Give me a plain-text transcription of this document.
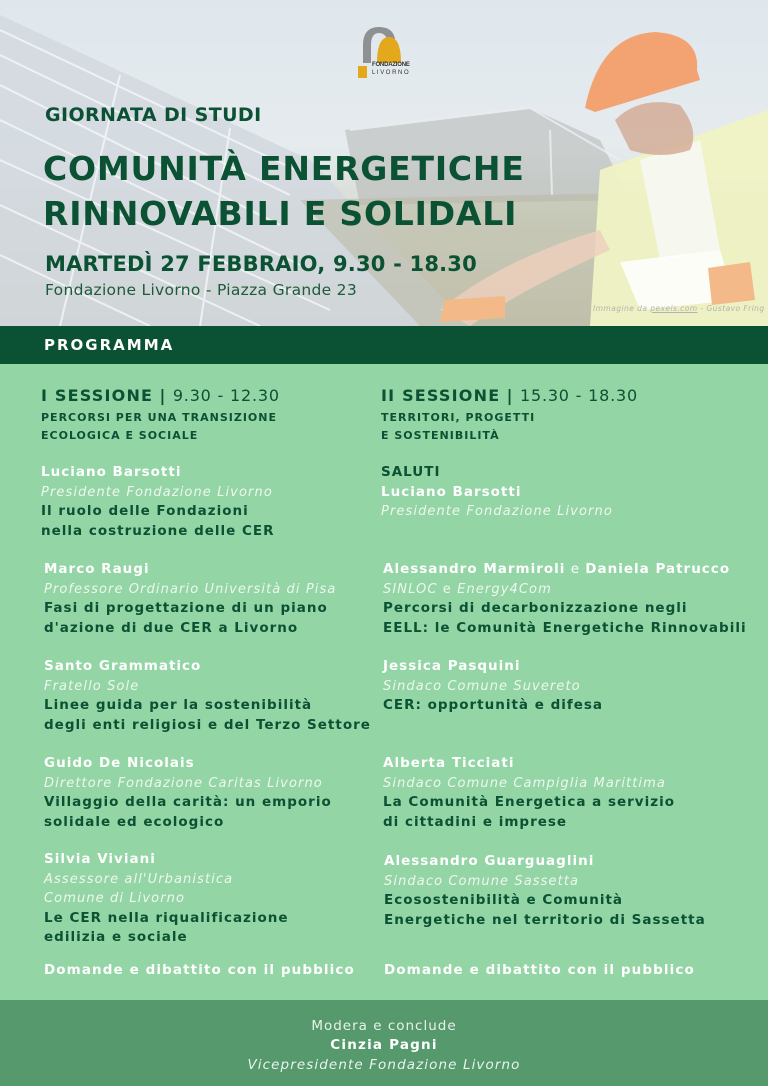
FONDAZIONE
LIVORNO
GIORNATA DI STUDI
COMUNITÀ ENERGETICHE
RINNOVABILI E SOLIDALI
MARTEDÌ 27 FEBBRAIO, 9.30 - 18.30
Fondazione Livorno - Piazza Grande 23
Immagine da pexels.com - Gustavo Fring
PROGRAMMA
I SESSIONE | 9.30 - 12.30
PERCORSI PER UNA TRANSIZIONE
ECOLOGICA E SOCIALE
Luciano Barsotti
Presidente Fondazione Livorno
Il ruolo delle Fondazioni
nella costruzione delle CER
Marco Raugi
Professore Ordinario Università di Pisa
Fasi di progettazione di un piano
d'azione di due CER a Livorno
Santo Grammatico
Fratello Sole
Linee guida per la sostenibilità
degli enti religiosi e del Terzo Settore
Guido De Nicolais
Direttore Fondazione Caritas Livorno
Villaggio della carità: un emporio
solidale ed ecologico
Silvia Viviani
Assessore all'Urbanistica
Comune di Livorno
Le CER nella riqualificazione
edilizia e sociale
Domande e dibattito con il pubblico
II SESSIONE | 15.30 - 18.30
TERRITORI, PROGETTI
E SOSTENIBILITÀ
SALUTI
Luciano Barsotti
Presidente Fondazione Livorno
Alessandro Marmiroli e Daniela Patrucco
SINLOC e Energy4Com
Percorsi di decarbonizzazione negli
EELL: le Comunità Energetiche Rinnovabili
Jessica Pasquini
Sindaco Comune Suvereto
CER: opportunità e difesa
Alberta Ticciati
Sindaco Comune Campiglia Marittima
La Comunità Energetica a servizio
di cittadini e imprese
Alessandro Guarguaglini
Sindaco Comune Sassetta
Ecosostenibilità e Comunità
Energetiche nel territorio di Sassetta
Domande e dibattito con il pubblico
Modera e conclude
Cinzia Pagni
Vicepresidente Fondazione Livorno
